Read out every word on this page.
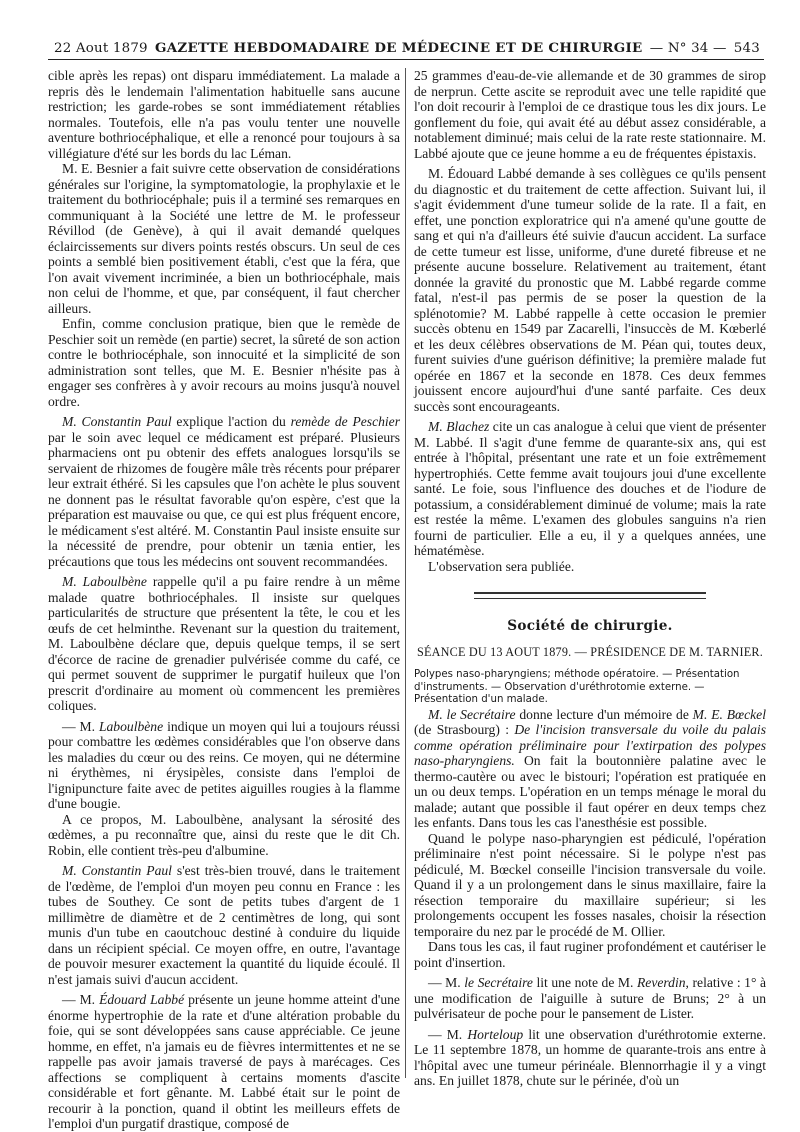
22 Aout 1879 GAZETTE HEBDOMADAIRE DE MÉDECINE ET DE CHIRURGIE — N° 34 — 543

cible après les repas) ont disparu immédiatement. La malade a repris dès le lendemain l'alimentation habituelle sans aucune restriction; les garde-robes se sont immédiatement rétablies normales. Toutefois, elle n'a pas voulu tenter une nouvelle aventure bothriocéphalique, et elle a renoncé pour toujours à sa villégiature d'été sur les bords du lac Léman.

M. E. Besnier a fait suivre cette observation de considérations générales sur l'origine, la symptomatologie, la prophylaxie et le traitement du bothriocéphale; puis il a terminé ses remarques en communiquant à la Société une lettre de M. le professeur Révillod (de Genève), à qui il avait demandé quelques éclaircissements sur divers points restés obscurs. Un seul de ces points a semblé bien positivement établi, c'est que la féra, que l'on avait vivement incriminée, a bien un bothriocéphale, mais non celui de l'homme, et que, par conséquent, il faut chercher ailleurs.

Enfin, comme conclusion pratique, bien que le remède de Peschier soit un remède (en partie) secret, la sûreté de son action contre le bothriocéphale, son innocuité et la simplicité de son administration sont telles, que M. E. Besnier n'hésite pas à engager ses confrères à y avoir recours au moins jusqu'à nouvel ordre.

M. Constantin Paul explique l'action du remède de Peschier par le soin avec lequel ce médicament est préparé. Plusieurs pharmaciens ont pu obtenir des effets analogues lorsqu'ils se servaient de rhizomes de fougère mâle très récents pour préparer leur extrait éthéré. Si les capsules que l'on achète le plus souvent ne donnent pas le résultat favorable qu'on espère, c'est que la préparation est mauvaise ou que, ce qui est plus fréquent encore, le médicament s'est altéré. M. Constantin Paul insiste ensuite sur la nécessité de prendre, pour obtenir un tænia entier, les précautions que tous les médecins ont souvent recommandées.

M. Laboulbène rappelle qu'il a pu faire rendre à un même malade quatre bothriocéphales. Il insiste sur quelques particularités de structure que présentent la tête, le cou et les œufs de cet helminthe. Revenant sur la question du traitement, M. Laboulbène déclare que, depuis quelque temps, il se sert d'écorce de racine de grenadier pulvérisée comme du café, ce qui permet souvent de supprimer le purgatif huileux que l'on prescrit d'ordinaire au moment où commencent les premières coliques.

— M. Laboulbène indique un moyen qui lui a toujours réussi pour combattre les œdèmes considérables que l'on observe dans les maladies du cœur ou des reins. Ce moyen, qui ne détermine ni érythèmes, ni érysipèles, consiste dans l'emploi de l'ignipuncture faite avec de petites aiguilles rougies à la flamme d'une bougie.

A ce propos, M. Laboulbène, analysant la sérosité des œdèmes, a pu reconnaître que, ainsi du reste que le dit Ch. Robin, elle contient très-peu d'albumine.

M. Constantin Paul s'est très-bien trouvé, dans le traitement de l'œdème, de l'emploi d'un moyen peu connu en France : les tubes de Southey. Ce sont de petits tubes d'argent de 1 millimètre de diamètre et de 2 centimètres de long, qui sont munis d'un tube en caoutchouc destiné à conduire du liquide dans un récipient spécial. Ce moyen offre, en outre, l'avantage de pouvoir mesurer exactement la quantité du liquide écoulé. Il n'est jamais suivi d'aucun accident.

— M. Édouard Labbé présente un jeune homme atteint d'une énorme hypertrophie de la rate et d'une altération probable du foie, qui se sont développées sans cause appréciable. Ce jeune homme, en effet, n'a jamais eu de fièvres intermittentes et ne se rappelle pas avoir jamais traversé de pays à marécages. Ces affections se compliquent à certains moments d'ascite considérable et fort gênante. M. Labbé était sur le point de recourir à la ponction, quand il obtint les meilleurs effets de l'emploi d'un purgatif drastique, composé de

25 grammes d'eau-de-vie allemande et de 30 grammes de sirop de nerprun. Cette ascite se reproduit avec une telle rapidité que l'on doit recourir à l'emploi de ce drastique tous les dix jours. Le gonflement du foie, qui avait été au début assez considérable, a notablement diminué; mais celui de la rate reste stationnaire. M. Labbé ajoute que ce jeune homme a eu de fréquentes épistaxis.

M. Édouard Labbé demande à ses collègues ce qu'ils pensent du diagnostic et du traitement de cette affection. Suivant lui, il s'agit évidemment d'une tumeur solide de la rate. Il a fait, en effet, une ponction exploratrice qui n'a amené qu'une goutte de sang et qui n'a d'ailleurs été suivie d'aucun accident. La surface de cette tumeur est lisse, uniforme, d'une dureté fibreuse et ne présente aucune bosselure. Relativement au traitement, étant donnée la gravité du pronostic que M. Labbé regarde comme fatal, n'est-il pas permis de se poser la question de la splénotomie? M. Labbé rappelle à cette occasion le premier succès obtenu en 1549 par Zacarelli, l'insuccès de M. Kœberlé et les deux célèbres observations de M. Péan qui, toutes deux, furent suivies d'une guérison définitive; la première malade fut opérée en 1867 et la seconde en 1878. Ces deux femmes jouissent encore aujourd'hui d'une santé parfaite. Ces deux succès sont encourageants.

M. Blachez cite un cas analogue à celui que vient de présenter M. Labbé. Il s'agit d'une femme de quarante-six ans, qui est entrée à l'hôpital, présentant une rate et un foie extrêmement hypertrophiés. Cette femme avait toujours joui d'une excellente santé. Le foie, sous l'influence des douches et de l'iodure de potassium, a considérablement diminué de volume; mais la rate est restée la même. L'examen des globules sanguins n'a rien fourni de particulier. Elle a eu, il y a quelques années, une hématémèse.

L'observation sera publiée.

Société de chirurgie.
SÉANCE DU 13 AOUT 1879. — PRÉSIDENCE DE M. TARNIER.

Polypes naso-pharyngiens; méthode opératoire. — Présentation d'instruments. — Observation d'uréthrotomie externe. — Présentation d'un malade.

M. le Secrétaire donne lecture d'un mémoire de M. E. Bœckel (de Strasbourg) : De l'incision transversale du voile du palais comme opération préliminaire pour l'extirpation des polypes naso-pharyngiens. On fait la boutonnière palatine avec le thermo-cautère ou avec le bistouri; l'opération est pratiquée en un ou deux temps. L'opération en un temps ménage le moral du malade; autant que possible il faut opérer en deux temps chez les enfants. Dans tous les cas l'anesthésie est possible.

Quand le polype naso-pharyngien est pédiculé, l'opération préliminaire n'est point nécessaire. Si le polype n'est pas pédiculé, M. Bœckel conseille l'incision transversale du voile. Quand il y a un prolongement dans le sinus maxillaire, faire la résection temporaire du maxillaire supérieur; si les prolongements occupent les fosses nasales, choisir la résection temporaire du nez par le procédé de M. Ollier.

Dans tous les cas, il faut ruginer profondément et cautériser le point d'insertion.

— M. le Secrétaire lit une note de M. Reverdin, relative : 1° à une modification de l'aiguille à suture de Bruns; 2° à un pulvérisateur de poche pour le pansement de Lister.

— M. Horteloup lit une observation d'uréthrotomie externe. Le 11 septembre 1878, un homme de quarante-trois ans entre à l'hôpital avec une tumeur périnéale. Blennorrhagie il y a vingt ans. En juillet 1878, chute sur le périnée, d'où un
